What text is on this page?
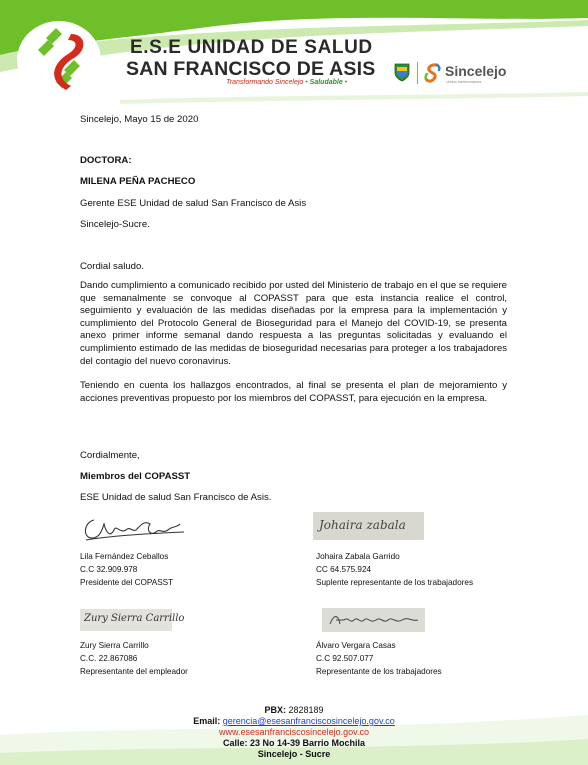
E.S.E UNIDAD DE SALUD
SAN FRANCISCO DE ASIS
Transformando Sincelejo • Saludable •
Sincelejo
Unidos transformamos
Sincelejo, Mayo 15 de 2020
DOCTORA:
MILENA PEÑA PACHECO
Gerente ESE Unidad de salud San Francisco de Asis
Sincelejo-Sucre.
Cordial saludo.
Dando cumplimiento a comunicado recibido por usted del Ministerio de trabajo en el que se requiere que semanalmente se convoque al COPASST para que esta instancia realice el control, seguimiento y evaluación de las medidas diseñadas por la empresa para la implementación y cumplimiento del Protocolo General de Bioseguridad para el Manejo del COVID-19, se presenta anexo primer informe semanal dando respuesta a las preguntas solicitadas y evaluando el cumplimiento estimado de las medidas de bioseguridad necesarias para proteger a los trabajadores del contagio del nuevo coronavirus.
Teniendo en cuenta los hallazgos encontrados, al final se presenta el plan de mejoramiento y acciones preventivas propuesto por los miembros del COPASST, para ejecución en la empresa.
Cordialmente,
Miembros del COPASST
ESE Unidad de salud San Francisco de Asis.
Johaira zabala
Zury Sierra Carrillo
Lila Fernández Ceballos
C.C 32.909.978
Presidente del COPASST
Johaira Zabala Garrido
CC 64.575.924
Suplente representante de los trabajadores
Zury Sierra Carrillo
C.C. 22.867086
Representante del empleador
Álvaro Vergara Casas
C.C 92.507.077
Representante de los trabajadores
PBX: 2828189
Email: gerencia@esesanfranciscosincelejo.gov.co
www.esesanfranciscosincelejo.gov.co
Calle: 23 No 14-39 Barrio Mochila
Sincelejo - Sucre
